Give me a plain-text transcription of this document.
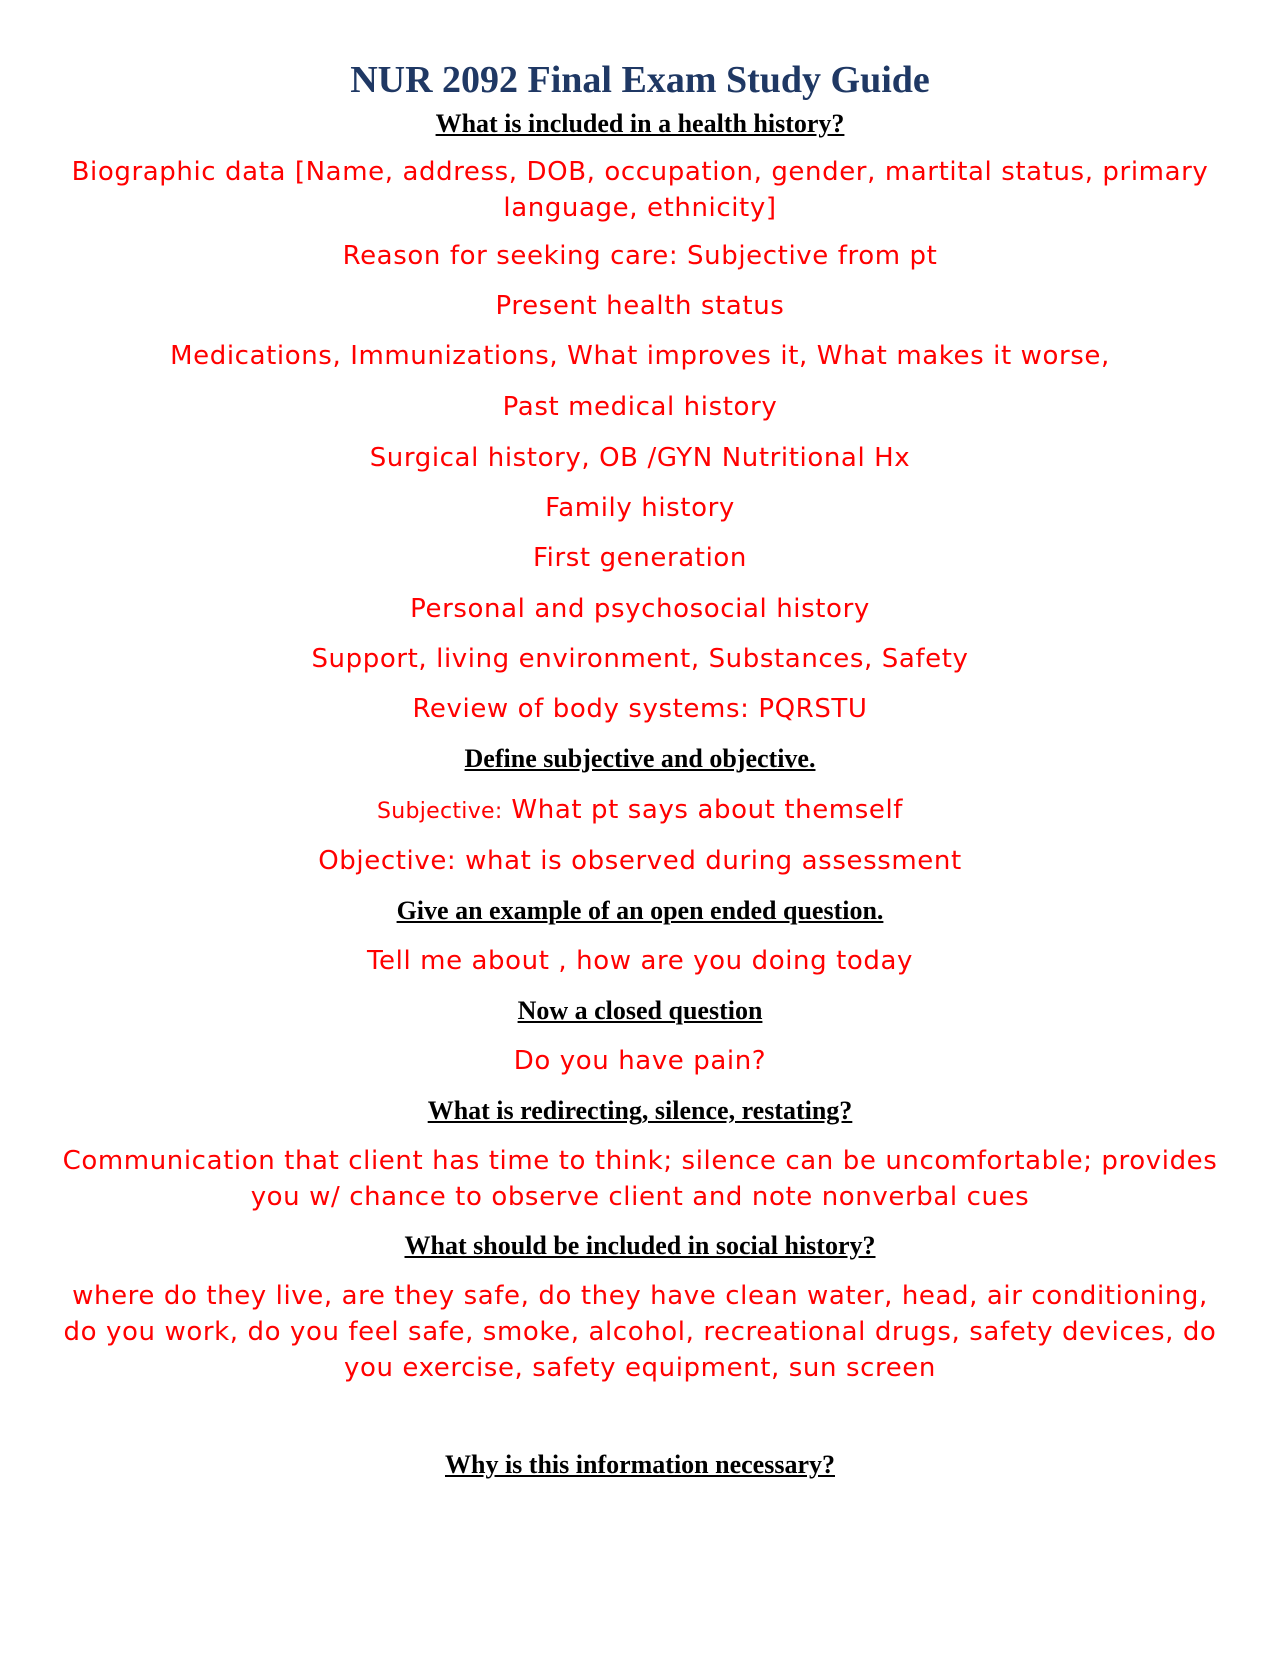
NUR 2092 Final Exam Study Guide
What is included in a health history?
Biographic data [Name, address, DOB, occupation, gender, martital status, primary language, ethnicity]
Reason for seeking care: Subjective from pt
Present health status
Medications, Immunizations, What improves it, What makes it worse,
Past medical history
Surgical history, OB /GYN Nutritional Hx
Family history
First generation
Personal and psychosocial history
Support, living environment, Substances, Safety
Review of body systems: PQRSTU
Define subjective and objective.
Subjective: What pt says about themself
Objective: what is observed during assessment
Give an example of an open ended question.
Tell me about , how are you doing today
Now a closed question
Do you have pain?
What is redirecting, silence, restating?
Communication that client has time to think; silence can be uncomfortable; provides you w/ chance to observe client and note nonverbal cues
What should be included in social history?
where do they live, are they safe, do they have clean water, head, air conditioning, do you work, do you feel safe, smoke, alcohol, recreational drugs, safety devices, do you exercise, safety equipment, sun screen
Why is this information necessary?
